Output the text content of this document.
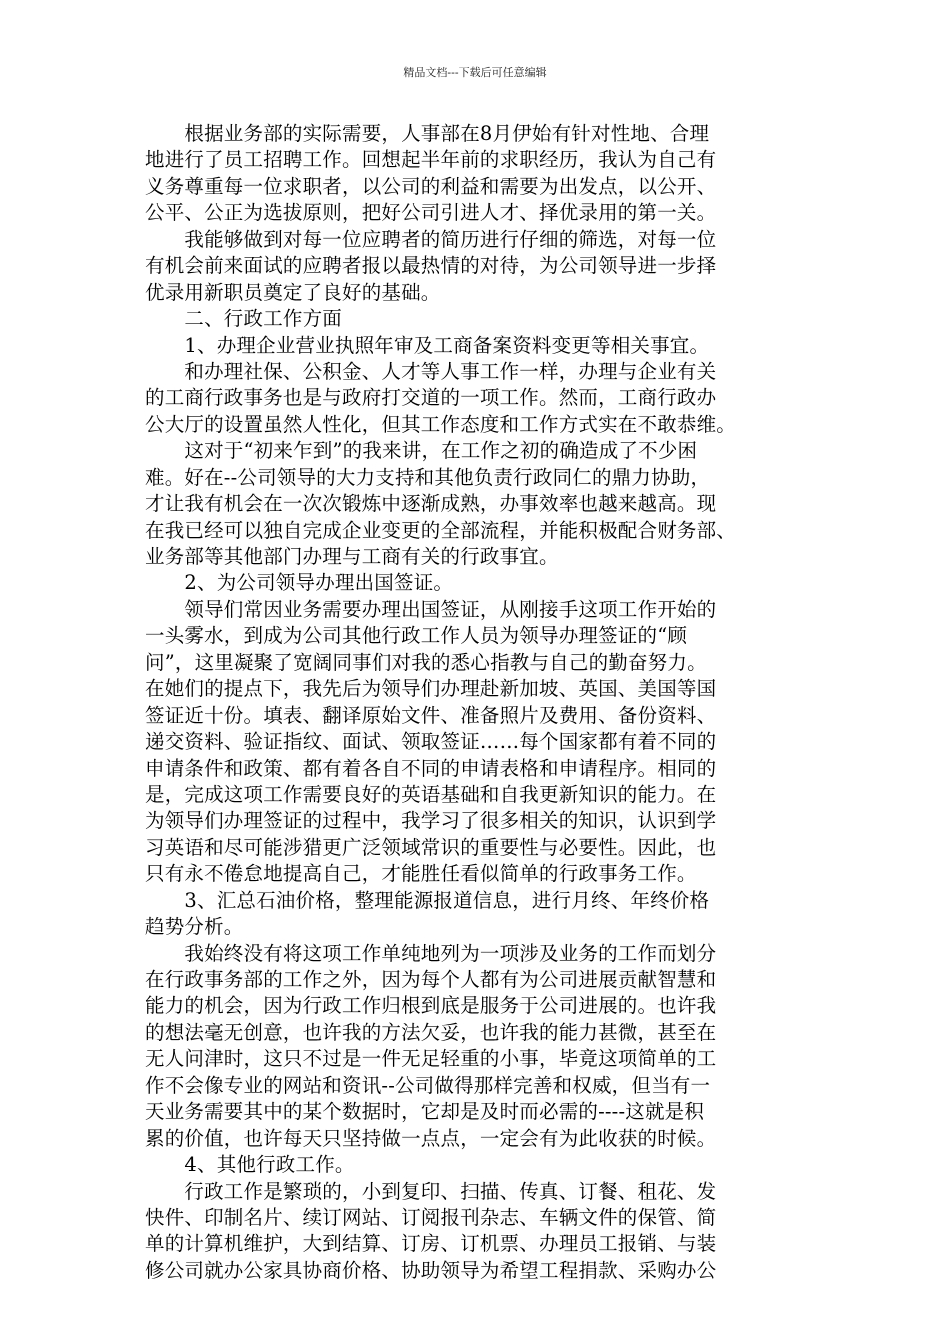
精品文档---下载后可任意编辑
　　根据业务部的实际需要，人事部在8月伊始有针对性地、合理
地进行了员工招聘工作。回想起半年前的求职经历，我认为自己有
义务尊重每一位求职者，以公司的利益和需要为出发点，以公开、
公平、公正为选拔原则，把好公司引进人才、择优录用的第一关。
　　我能够做到对每一位应聘者的简历进行仔细的筛选，对每一位
有机会前来面试的应聘者报以最热情的对待，为公司领导进一步择
优录用新职员奠定了良好的基础。
　　二、行政工作方面
　　1、办理企业营业执照年审及工商备案资料变更等相关事宜。
　　和办理社保、公积金、人才等人事工作一样，办理与企业有关
的工商行政事务也是与政府打交道的一项工作。然而，工商行政办
公大厅的设置虽然人性化，但其工作态度和工作方式实在不敢恭维。
　　这对于“初来乍到”的我来讲，在工作之初的确造成了不少困
难。好在--公司领导的大力支持和其他负责行政同仁的鼎力协助，
才让我有机会在一次次锻炼中逐渐成熟，办事效率也越来越高。现
在我已经可以独自完成企业变更的全部流程，并能积极配合财务部、
业务部等其他部门办理与工商有关的行政事宜。
　　2、为公司领导办理出国签证。
　　领导们常因业务需要办理出国签证，从刚接手这项工作开始的
一头雾水，到成为公司其他行政工作人员为领导办理签证的“顾
问”，这里凝聚了宽阔同事们对我的悉心指教与自己的勤奋努力。
在她们的提点下，我先后为领导们办理赴新加坡、英国、美国等国
签证近十份。填表、翻译原始文件、准备照片及费用、备份资料、
递交资料、验证指纹、面试、领取签证……每个国家都有着不同的
申请条件和政策、都有着各自不同的申请表格和申请程序。相同的
是，完成这项工作需要良好的英语基础和自我更新知识的能力。在
为领导们办理签证的过程中，我学习了很多相关的知识，认识到学
习英语和尽可能涉猎更广泛领域常识的重要性与必要性。因此，也
只有永不倦怠地提高自己，才能胜任看似简单的行政事务工作。
　　3、汇总石油价格，整理能源报道信息，进行月终、年终价格
趋势分析。
　　我始终没有将这项工作单纯地列为一项涉及业务的工作而划分
在行政事务部的工作之外，因为每个人都有为公司进展贡献智慧和
能力的机会，因为行政工作归根到底是服务于公司进展的。也许我
的想法毫无创意，也许我的方法欠妥，也许我的能力甚微，甚至在
无人问津时，这只不过是一件无足轻重的小事，毕竟这项简单的工
作不会像专业的网站和资讯--公司做得那样完善和权威，但当有一
天业务需要其中的某个数据时，它却是及时而必需的----这就是积
累的价值，也许每天只坚持做一点点，一定会有为此收获的时候。
　　4、其他行政工作。
　　行政工作是繁琐的，小到复印、扫描、传真、订餐、租花、发
快件、印制名片、续订网站、订阅报刊杂志、车辆文件的保管、简
单的计算机维护，大到结算、订房、订机票、办理员工报销、与装
修公司就办公家具协商价格、协助领导为希望工程捐款、采购办公
